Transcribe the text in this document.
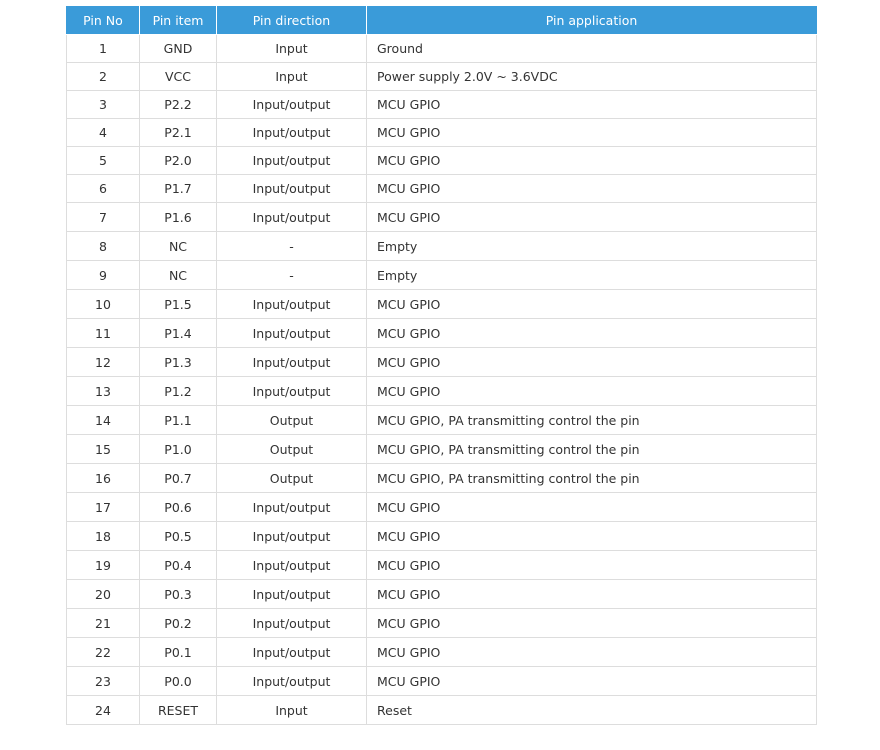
Pin No	Pin item	Pin direction	Pin application
1	GND	Input	Ground
2	VCC	Input	Power supply 2.0V ~ 3.6VDC
3	P2.2	Input/output	MCU GPIO
4	P2.1	Input/output	MCU GPIO
5	P2.0	Input/output	MCU GPIO
6	P1.7	Input/output	MCU GPIO
7	P1.6	Input/output	MCU GPIO
8	NC	-	Empty
9	NC	-	Empty
10	P1.5	Input/output	MCU GPIO
11	P1.4	Input/output	MCU GPIO
12	P1.3	Input/output	MCU GPIO
13	P1.2	Input/output	MCU GPIO
14	P1.1	Output	MCU GPIO, PA transmitting control the pin
15	P1.0	Output	MCU GPIO, PA transmitting control the pin
16	P0.7	Output	MCU GPIO, PA transmitting control the pin
17	P0.6	Input/output	MCU GPIO
18	P0.5	Input/output	MCU GPIO
19	P0.4	Input/output	MCU GPIO
20	P0.3	Input/output	MCU GPIO
21	P0.2	Input/output	MCU GPIO
22	P0.1	Input/output	MCU GPIO
23	P0.0	Input/output	MCU GPIO
24	RESET	Input	Reset
